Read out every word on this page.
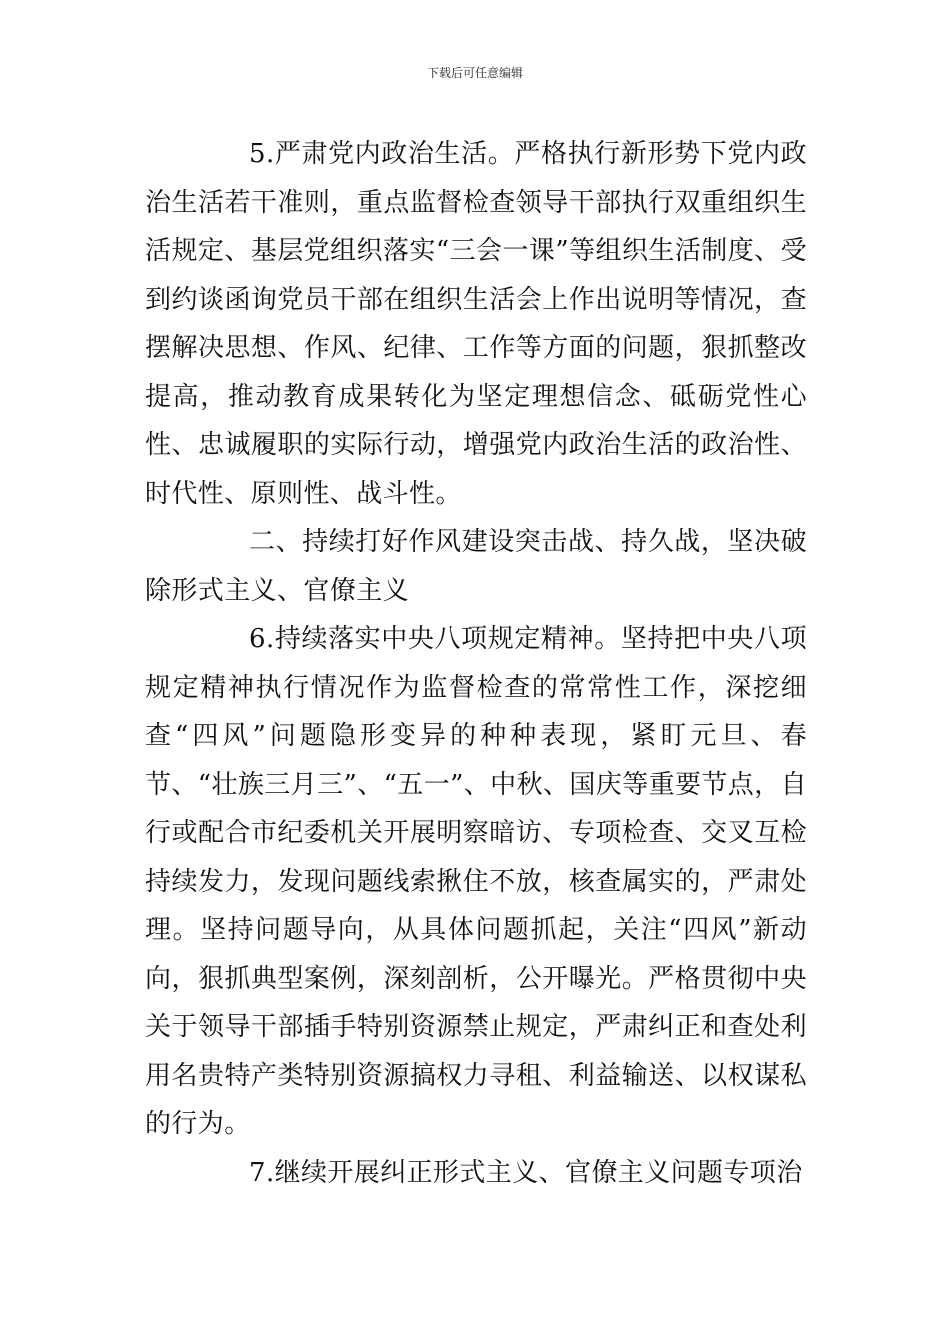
下载后可任意编辑

5.严肃党内政治生活。严格执行新形势下党内政治生活若干准则，重点监督检查领导干部执行双重组织生活规定、基层党组织落实“三会一课”等组织生活制度、受到约谈函询党员干部在组织生活会上作出说明等情况，查摆解决思想、作风、纪律、工作等方面的问题，狠抓整改提高，推动教育成果转化为坚定理想信念、砥砺党性心性、忠诚履职的实际行动，增强党内政治生活的政治性、时代性、原则性、战斗性。

二、持续打好作风建设突击战、持久战，坚决破除形式主义、官僚主义

6.持续落实中央八项规定精神。坚持把中央八项规定精神执行情况作为监督检查的常常性工作，深挖细查“四风”问题隐形变异的种种表现，紧盯元旦、春节、“壮族三月三”、“五一”、中秋、国庆等重要节点，自行或配合市纪委机关开展明察暗访、专项检查、交叉互检持续发力，发现问题线索揪住不放，核查属实的，严肃处理。坚持问题导向，从具体问题抓起，关注“四风”新动向，狠抓典型案例，深刻剖析，公开曝光。严格贯彻中央关于领导干部插手特别资源禁止规定，严肃纠正和查处利用名贵特产类特别资源搞权力寻租、利益输送、以权谋私的行为。

7.继续开展纠正形式主义、官僚主义问题专项治
